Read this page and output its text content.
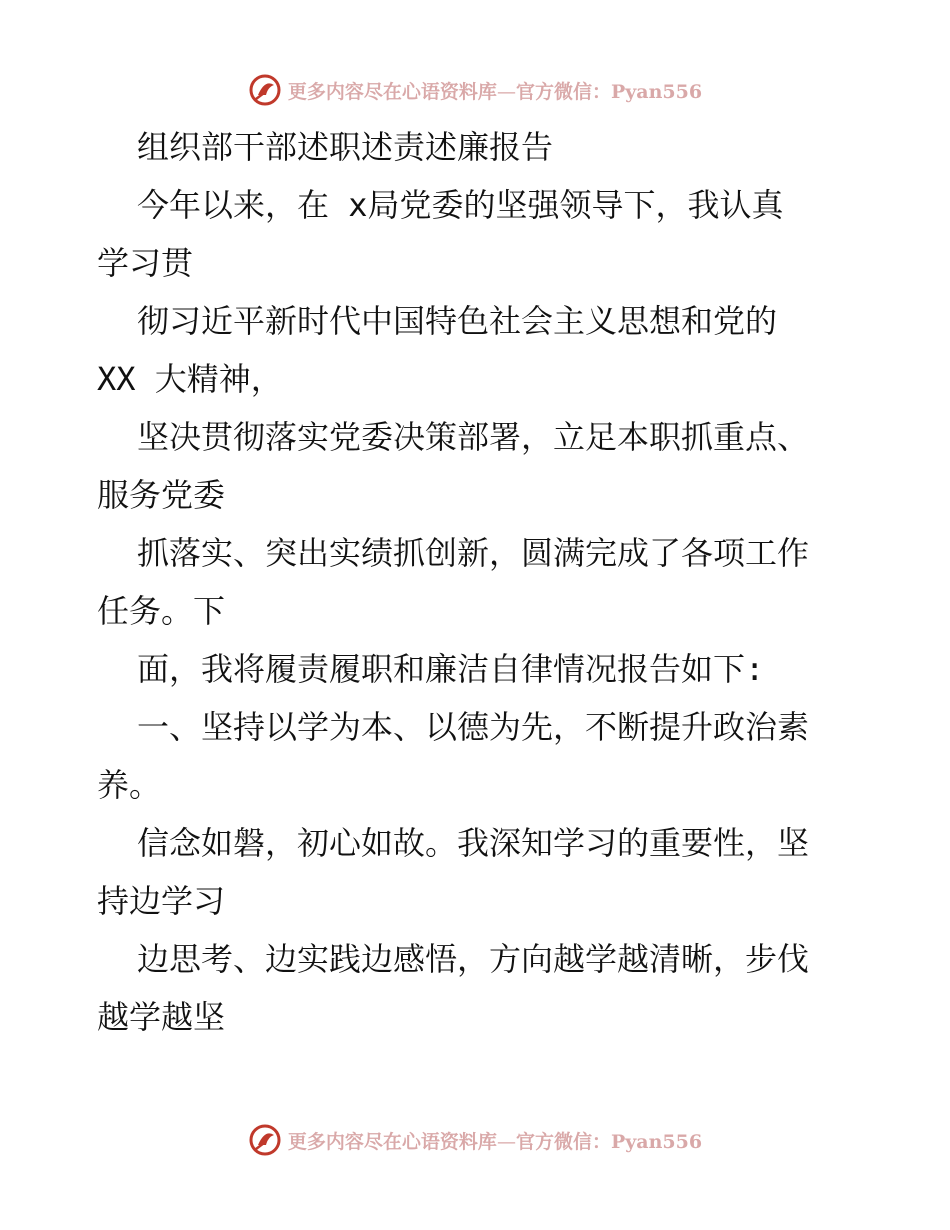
更多内容尽在心语资料库—官方微信：Pyan556
组织部干部述职述责述廉报告
今年以来，在 x局党委的坚强领导下，我认真
学习贯
彻习近平新时代中国特色社会主义思想和党的
XX 大精神，
坚决贯彻落实党委决策部署，立足本职抓重点、
服务党委
抓落实、突出实绩抓创新，圆满完成了各项工作
任务。下
面，我将履责履职和廉洁自律情况报告如下:
一、坚持以学为本、以德为先，不断提升政治素
养。
信念如磐，初心如故。我深知学习的重要性，坚
持边学习
边思考、边实践边感悟，方向越学越清晰，步伐
越学越坚
更多内容尽在心语资料库—官方微信：Pyan556
